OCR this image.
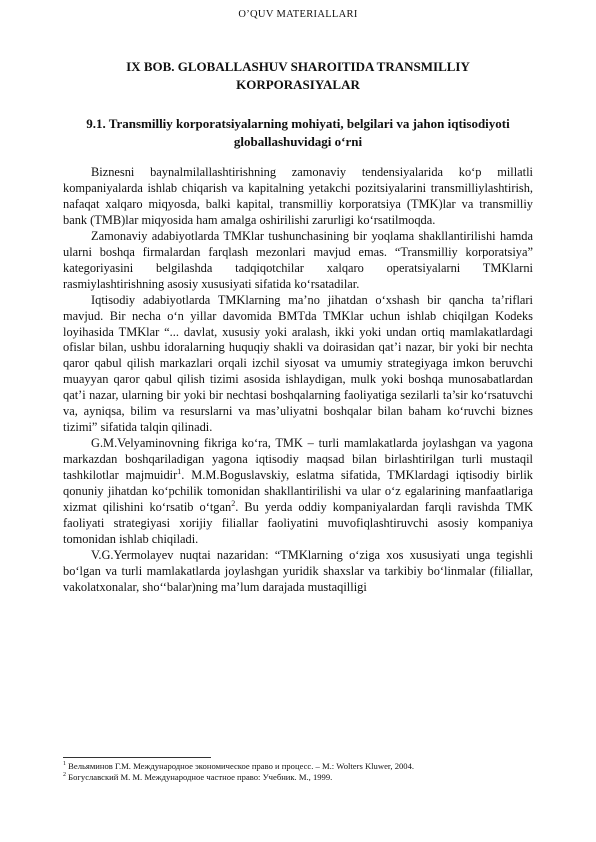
O’QUV MATERIALLARI
IX BOB. GLOBALLASHUV SHAROITIDA TRANSMILLIY KORPORASIYALAR
9.1. Transmilliy korporatsiyalarning mohiyati, belgilari va jahon iqtisodiyoti globallashuvidagi o‘rni

Biznesni baynalmilallashtirishning zamonaviy tendensiyalarida ko‘p millatli kompaniyalarda ishlab chiqarish va kapitalning yetakchi pozitsiyalarini transmilliylashtirish, nafaqat xalqaro miqyosda, balki kapital, transmilliy korporatsiya (TMK)lar va transmilliy bank (TMB)lar miqyosida ham amalga oshirilishi zarurligi ko‘rsatilmoqda.

Zamonaviy adabiyotlarda TMKlar tushunchasining bir yoqlama shakllantirilishi hamda ularni boshqa firmalardan farqlash mezonlari mavjud emas. “Transmilliy korporatsiya” kategoriyasini belgilashda tadqiqotchilar xalqaro operatsiyalarni TMKlarni rasmiylashtirishning asosiy xususiyati sifatida ko‘rsatadilar.

Iqtisodiy adabiyotlarda TMKlarning ma’no jihatdan o‘xshash bir qancha ta’riflari mavjud. Bir necha o‘n yillar davomida BMTda TMKlar uchun ishlab chiqilgan Kodeks loyihasida TMKlar “... davlat, xususiy yoki aralash, ikki yoki undan ortiq mamlakatlardagi ofislar bilan, ushbu idoralarning huquqiy shakli va doirasidan qat’i nazar, bir yoki bir nechta qaror qabul qilish markazlari orqali izchil siyosat va umumiy strategiyaga imkon beruvchi muayyan qaror qabul qilish tizimi asosida ishlaydigan, mulk yoki boshqa munosabatlardan qat’i nazar, ularning bir yoki bir nechtasi boshqalarning faoliyatiga sezilarli ta’sir ko‘rsatuvchi va, ayniqsa, bilim va resurslarni va mas’uliyatni boshqalar bilan baham ko‘ruvchi biznes tizimi” sifatida talqin qilinadi.

G.M.Velyaminovning fikriga ko‘ra, TMK – turli mamlakatlarda joylashgan va yagona markazdan boshqariladigan yagona iqtisodiy maqsad bilan birlashtirilgan turli mustaqil tashkilotlar majmuidir$^1$. M.M.Boguslavskiy, eslatma sifatida, TMKlardagi iqtisodiy birlik qonuniy jihatdan ko‘pchilik tomonidan shakllantirilishi va ular o‘z egalarining manfaatlariga xizmat qilishini ko‘rsatib o‘tgan$^2$. Bu yerda oddiy kompaniyalardan farqli ravishda TMK faoliyati strategiyasi xorijiy filiallar faoliyatini muvofiqlashtiruvchi asosiy kompaniya tomonidan ishlab chiqiladi.

V.G.Yermolayev nuqtai nazaridan: “TMKlarning o‘ziga xos xususiyati unga tegishli bo‘lgan va turli mamlakatlarda joylashgan yuridik shaxslar va tarkibiy bo‘linmalar (filiallar, vakolatxonalar, sho‘‘balar)ning ma’lum darajada mustaqilligi

$^1$ Вельяминов Г.М. Международное экономическое право и процесс. – М.: Wolters Kluwer, 2004.
$^2$ Богуславский М. М. Международное частное право: Учебник. М., 1999.
